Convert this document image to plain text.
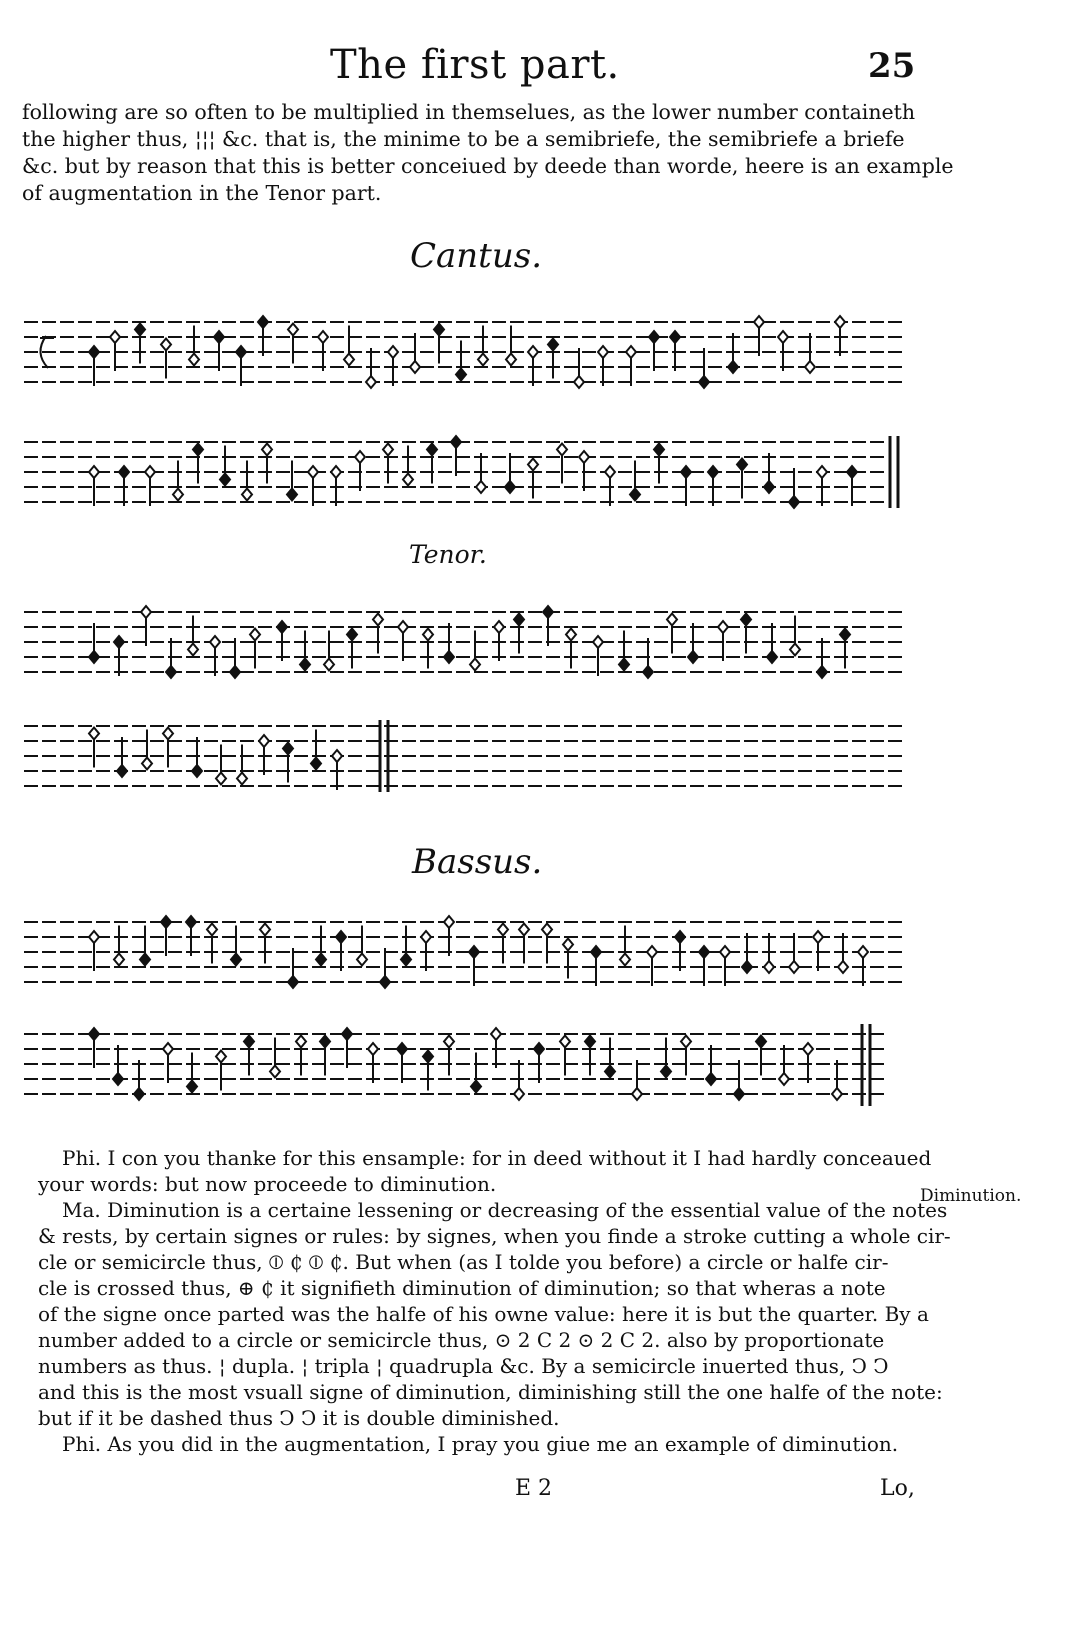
The first part.	25
following are so often to be multiplied in themselues, as the lower number containeth
the higher thus, ¦¦¦ &c. that is, the minime to be a semibriefe, the semibriefe a briefe
&c. but by reason that this is better conceiued by deede than worde, heere is an example
of augmentation in the Tenor part.
Cantus.
Tenor.
Bassus.
Phi. I con you thanke for this ensample: for in deed without it I had hardly conceaued
your words: but now proceede to diminution.
Ma. Diminution is a certaine lessening or decreasing of the essential value of the notes
& rests, by certain signes or rules: by signes, when you finde a stroke cutting a whole cir-
cle or semicircle thus, ⦶ ₵ ⦶ ₵. But when (as I tolde you before) a circle or halfe cir-
cle is crossed thus, ⊕ ₵ it signifieth diminution of diminution; so that wheras a note
of the signe once parted was the halfe of his owne value: here it is but the quarter. By a
number added to a circle or semicircle thus, ⊙ 2 C 2 ⊙ 2 C 2. also by proportionate
numbers as thus. ¦ dupla. ¦ tripla ¦ quadrupla &c. By a semicircle inuerted thus, Ↄ Ↄ
and this is the most vsuall signe of diminution, diminishing still the one halfe of the note:
but if it be dashed thus Ↄ Ↄ it is double diminished.
Phi. As you did in the augmentation, I pray you giue me an example of diminution.
Diminution.
E 2	Lo,
